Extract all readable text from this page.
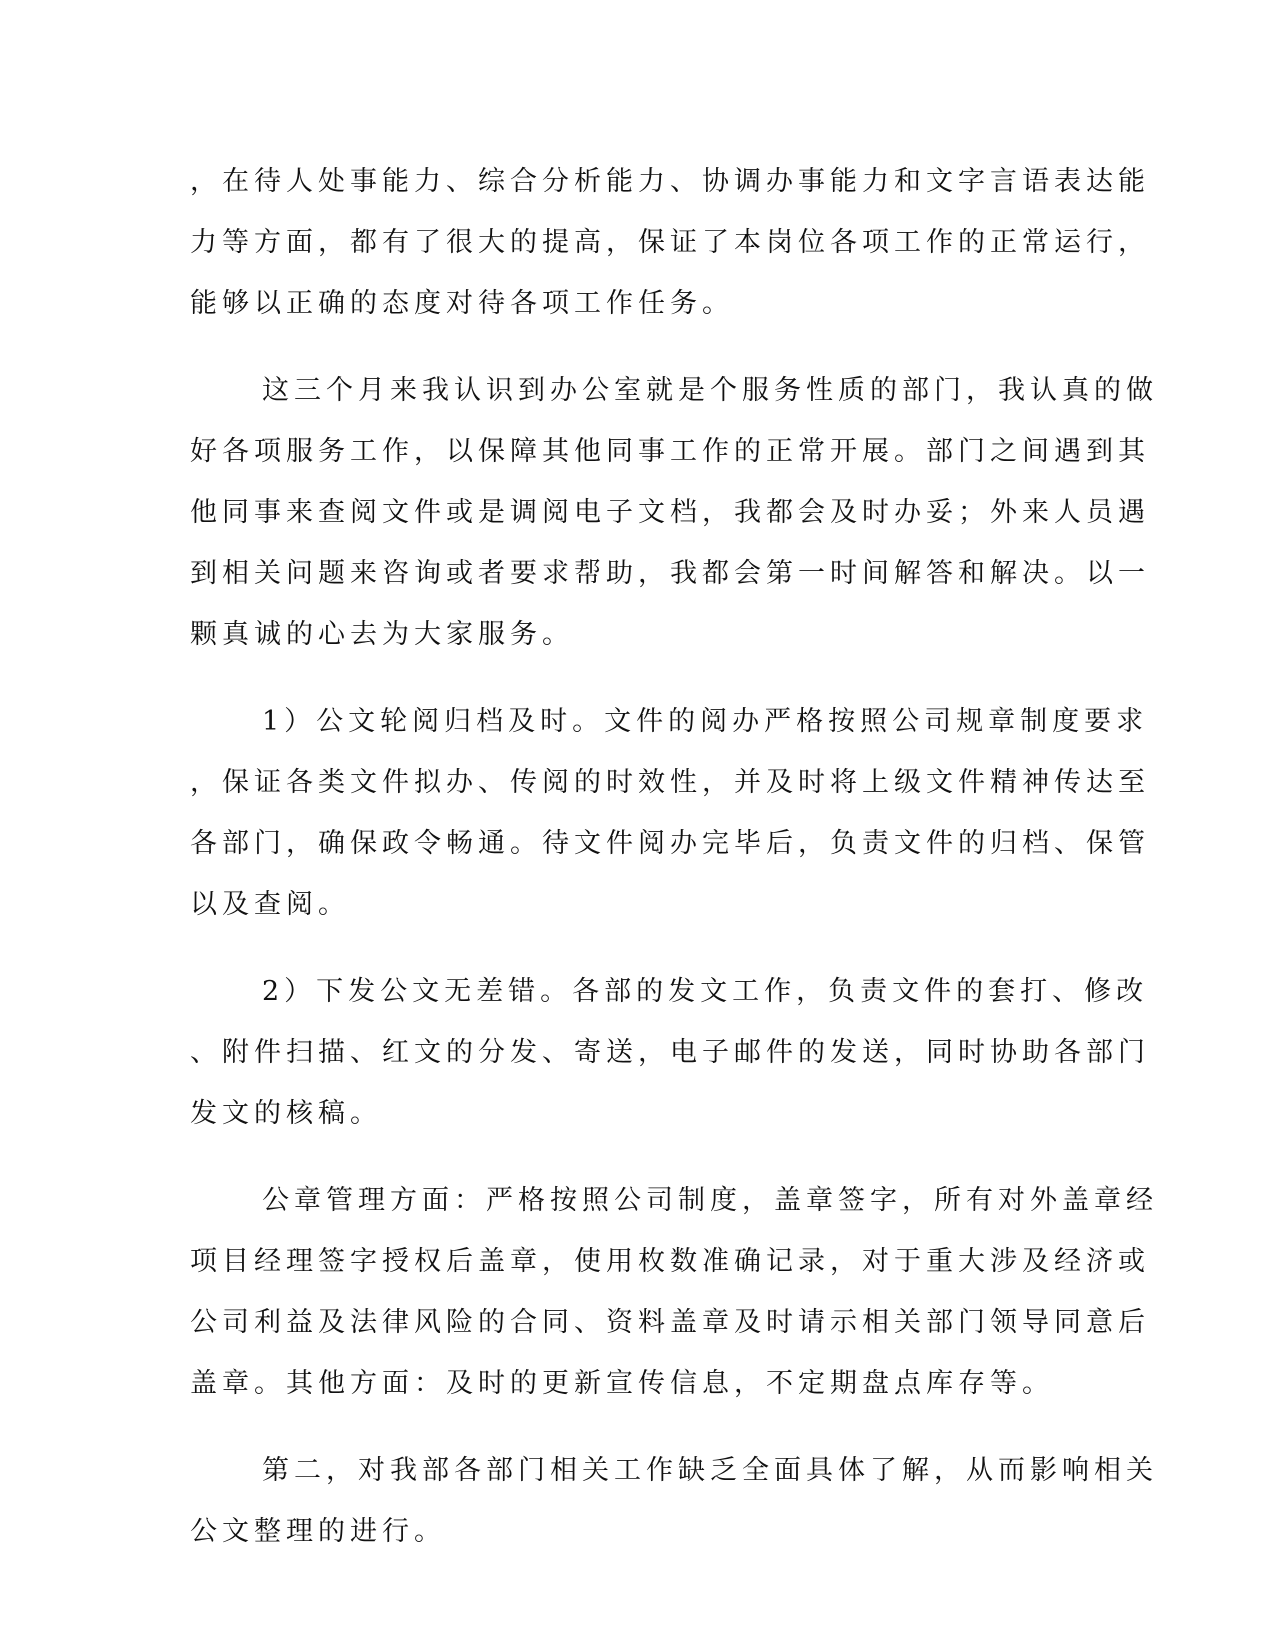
，在待人处事能力、综合分析能力、协调办事能力和文字言语表达能
力等方面，都有了很大的提高，保证了本岗位各项工作的正常运行，
能够以正确的态度对待各项工作任务。
这三个月来我认识到办公室就是个服务性质的部门，我认真的做
好各项服务工作，以保障其他同事工作的正常开展。部门之间遇到其
他同事来查阅文件或是调阅电子文档，我都会及时办妥；外来人员遇
到相关问题来咨询或者要求帮助，我都会第一时间解答和解决。以一
颗真诚的心去为大家服务。
1）公文轮阅归档及时。文件的阅办严格按照公司规章制度要求
，保证各类文件拟办、传阅的时效性，并及时将上级文件精神传达至
各部门，确保政令畅通。待文件阅办完毕后，负责文件的归档、保管
以及查阅。
2）下发公文无差错。各部的发文工作，负责文件的套打、修改
、附件扫描、红文的分发、寄送，电子邮件的发送，同时协助各部门
发文的核稿。
公章管理方面：严格按照公司制度，盖章签字，所有对外盖章经
项目经理签字授权后盖章，使用枚数准确记录，对于重大涉及经济或
公司利益及法律风险的合同、资料盖章及时请示相关部门领导同意后
盖章。其他方面：及时的更新宣传信息，不定期盘点库存等。
第二，对我部各部门相关工作缺乏全面具体了解，从而影响相关
公文整理的进行。
